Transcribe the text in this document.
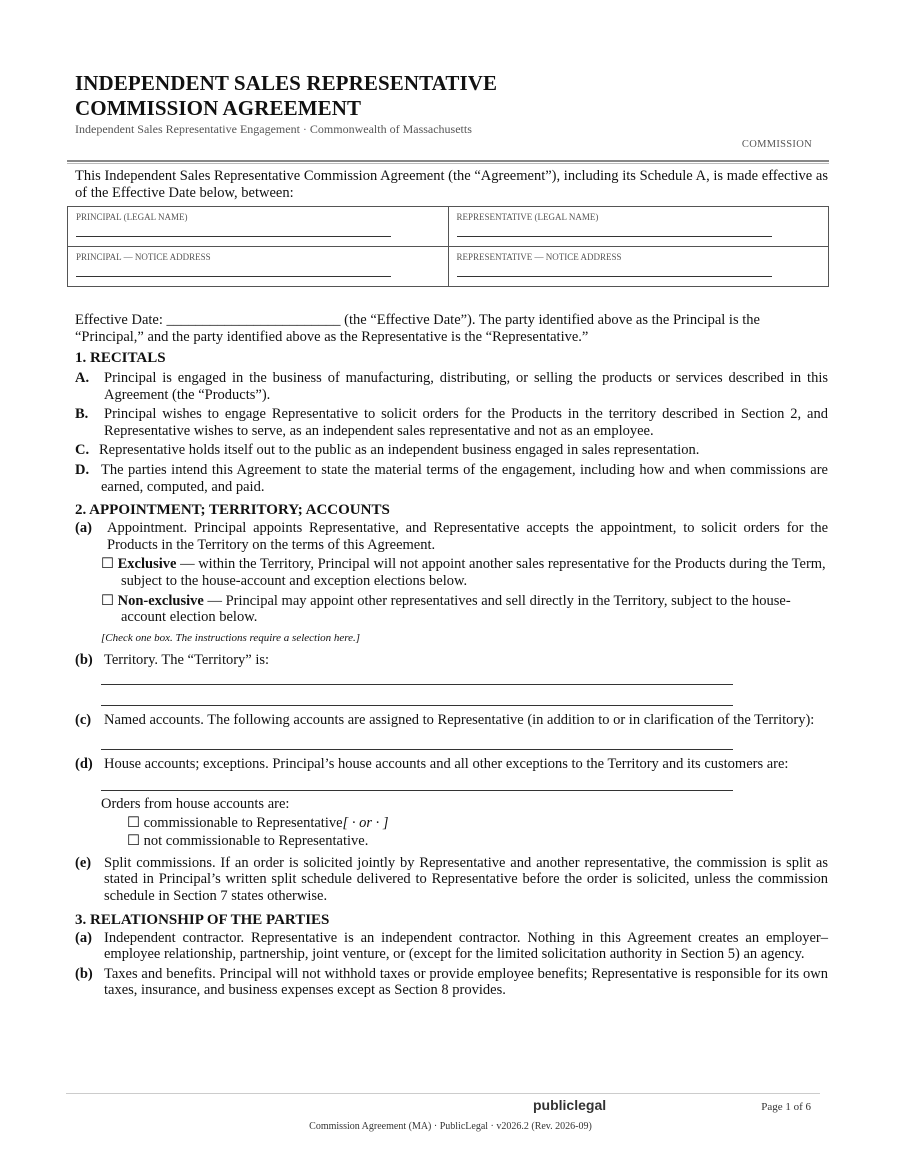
INDEPENDENT SALES REPRESENTATIVE
COMMISSION AGREEMENT
Independent Sales Representative Engagement · Commonwealth of Massachusetts
COMMISSION
This Independent Sales Representative Commission Agreement (the “Agreement”), including its Schedule A, is made effective as of the Effective Date below, between:
PRINCIPAL (LEGAL NAME)	REPRESENTATIVE (LEGAL NAME)

PRINCIPAL — NOTICE ADDRESS	REPRESENTATIVE — NOTICE ADDRESS
Effective Date: ________________________ (the “Effective Date”). The party identified above as the Principal is the “Principal,” and the party identified above as the Representative is the “Representative.”
1. RECITALS
A. Principal is engaged in the business of manufacturing, distributing, or selling the products or services described in this Agreement (the “Products”).
B. Principal wishes to engage Representative to solicit orders for the Products in the territory described in Section 2, and Representative wishes to serve, as an independent sales representative and not as an employee.
C. Representative holds itself out to the public as an independent business engaged in sales representation.
D. The parties intend this Agreement to state the material terms of the engagement, including how and when commissions are earned, computed, and paid.
2. APPOINTMENT; TERRITORY; ACCOUNTS
(a) Appointment. Principal appoints Representative, and Representative accepts the appointment, to solicit orders for the Products in the Territory on the terms of this Agreement.
☐ Exclusive — within the Territory, Principal will not appoint another sales representative for the Products during the Term, subject to the house-account and exception elections below.
☐ Non-exclusive — Principal may appoint other representatives and sell directly in the Territory, subject to the house-account election below.
[Check one box. The instructions require a selection here.]
(b) Territory. The “Territory” is:
(c) Named accounts. The following accounts are assigned to Representative (in addition to or in clarification of the Territory):
(d) House accounts; exceptions. Principal’s house accounts and all other exceptions to the Territory and its customers are:
Orders from house accounts are:
☐ commissionable to Representative[ · or · ]
☐ not commissionable to Representative.
(e) Split commissions. If an order is solicited jointly by Representative and another representative, the commission is split as stated in Principal’s written split schedule delivered to Representative before the order is solicited, unless the commission schedule in Section 7 states otherwise.
3. RELATIONSHIP OF THE PARTIES
(a) Independent contractor. Representative is an independent contractor. Nothing in this Agreement creates an employer–employee relationship, partnership, joint venture, or (except for the limited solicitation authority in Section 5) an agency.
(b) Taxes and benefits. Principal will not withhold taxes or provide employee benefits; Representative is responsible for its own taxes, insurance, and business expenses except as Section 8 provides.
publiclegal	Page 1 of 6
Commission Agreement (MA) · PublicLegal · v2026.2 (Rev. 2026-09)
